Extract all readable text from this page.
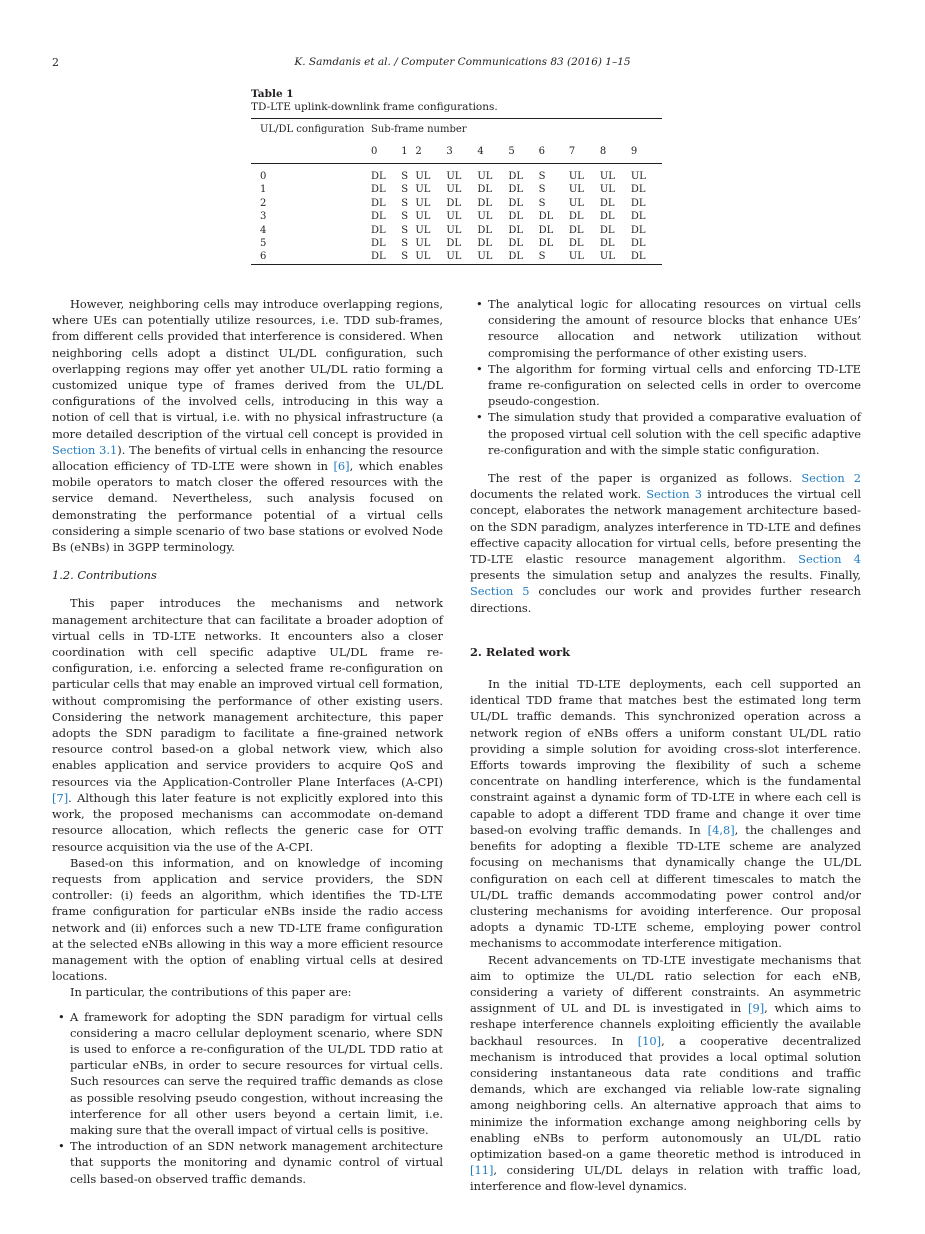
2	K. Samdanis et al. / Computer Communications 83 (2016) 1–15
Table 1
TD-LTE uplink-downlink frame configurations.
UL/DL configuration	Sub-frame number									
	0	1	2	3	4	5	6	7	8	9
0	DL	S	UL	UL	UL	DL	S	UL	UL	UL
1	DL	S	UL	UL	DL	DL	S	UL	UL	DL
2	DL	S	UL	DL	DL	DL	S	UL	DL	DL
3	DL	S	UL	UL	UL	DL	DL	DL	DL	DL
4	DL	S	UL	UL	DL	DL	DL	DL	DL	DL
5	DL	S	UL	DL	DL	DL	DL	DL	DL	DL
6	DL	S	UL	UL	UL	DL	S	UL	UL	DL

However, neighboring cells may introduce overlapping regions, where UEs can potentially utilize resources, i.e. TDD sub-frames, from different cells provided that interference is considered. When neighboring cells adopt a distinct UL/DL configuration, such overlapping regions may offer yet another UL/DL ratio forming a customized unique type of frames derived from the UL/DL configurations of the involved cells, introducing in this way a notion of cell that is virtual, i.e. with no physical infrastructure (a more detailed description of the virtual cell concept is provided in Section 3.1). The benefits of virtual cells in enhancing the resource allocation efficiency of TD-LTE were shown in [6], which enables mobile operators to match closer the offered resources with the service demand. Nevertheless, such analysis focused on demonstrating the performance potential of a virtual cells considering a simple scenario of two base stations or evolved Node Bs (eNBs) in 3GPP terminology.

1.2. Contributions

This paper introduces the mechanisms and network management architecture that can facilitate a broader adoption of virtual cells in TD-LTE networks. It encounters also a closer coordination with cell specific adaptive UL/DL frame re-configuration, i.e. enforcing a selected frame re-configuration on particular cells that may enable an improved virtual cell formation, without compromising the performance of other existing users. Considering the network management architecture, this paper adopts the SDN paradigm to facilitate a fine-grained network resource control based-on a global network view, which also enables application and service providers to acquire QoS and resources via the Application-Controller Plane Interfaces (A-CPI) [7]. Although this later feature is not explicitly explored into this work, the proposed mechanisms can accommodate on-demand resource allocation, which reflects the generic case for OTT resource acquisition via the use of the A-CPI.

Based-on this information, and on knowledge of incoming requests from application and service providers, the SDN controller: (i) feeds an algorithm, which identifies the TD-LTE frame configuration for particular eNBs inside the radio access network and (ii) enforces such a new TD-LTE frame configuration at the selected eNBs allowing in this way a more efficient resource management with the option of enabling virtual cells at desired locations.

In particular, the contributions of this paper are:

• A framework for adopting the SDN paradigm for virtual cells considering a macro cellular deployment scenario, where SDN is used to enforce a re-configuration of the UL/DL TDD ratio at particular eNBs, in order to secure resources for virtual cells. Such resources can serve the required traffic demands as close as possible resolving pseudo congestion, without increasing the interference for all other users beyond a certain limit, i.e. making sure that the overall impact of virtual cells is positive.
• The introduction of an SDN network management architecture that supports the monitoring and dynamic control of virtual cells based-on observed traffic demands.
• The analytical logic for allocating resources on virtual cells considering the amount of resource blocks that enhance UEs’ resource allocation and network utilization without compromising the performance of other existing users.
• The algorithm for forming virtual cells and enforcing TD-LTE frame re-configuration on selected cells in order to overcome pseudo-congestion.
• The simulation study that provided a comparative evaluation of the proposed virtual cell solution with the cell specific adaptive re-configuration and with the simple static configuration.

The rest of the paper is organized as follows. Section 2 documents the related work. Section 3 introduces the virtual cell concept, elaborates the network management architecture based-on the SDN paradigm, analyzes interference in TD-LTE and defines effective capacity allocation for virtual cells, before presenting the TD-LTE elastic resource management algorithm. Section 4 presents the simulation setup and analyzes the results. Finally, Section 5 concludes our work and provides further research directions.

2. Related work

In the initial TD-LTE deployments, each cell supported an identical TDD frame that matches best the estimated long term UL/DL traffic demands. This synchronized operation across a network region of eNBs offers a uniform constant UL/DL ratio providing a simple solution for avoiding cross-slot interference. Efforts towards improving the flexibility of such a scheme concentrate on handling interference, which is the fundamental constraint against a dynamic form of TD-LTE in where each cell is capable to adopt a different TDD frame and change it over time based-on evolving traffic demands. In [4,8], the challenges and benefits for adopting a flexible TD-LTE scheme are analyzed focusing on mechanisms that dynamically change the UL/DL configuration on each cell at different timescales to match the UL/DL traffic demands accommodating power control and/or clustering mechanisms for avoiding interference. Our proposal adopts a dynamic TD-LTE scheme, employing power control mechanisms to accommodate interference mitigation.

Recent advancements on TD-LTE investigate mechanisms that aim to optimize the UL/DL ratio selection for each eNB, considering a variety of different constraints. An asymmetric assignment of UL and DL is investigated in [9], which aims to reshape interference channels exploiting efficiently the available backhaul resources. In [10], a cooperative decentralized mechanism is introduced that provides a local optimal solution considering instantaneous data rate conditions and traffic demands, which are exchanged via reliable low-rate signaling among neighboring cells. An alternative approach that aims to minimize the information exchange among neighboring cells by enabling eNBs to perform autonomously an UL/DL ratio optimization based-on a game theoretic method is introduced in [11], considering UL/DL delays in relation with traffic load, interference and flow-level dynamics.
